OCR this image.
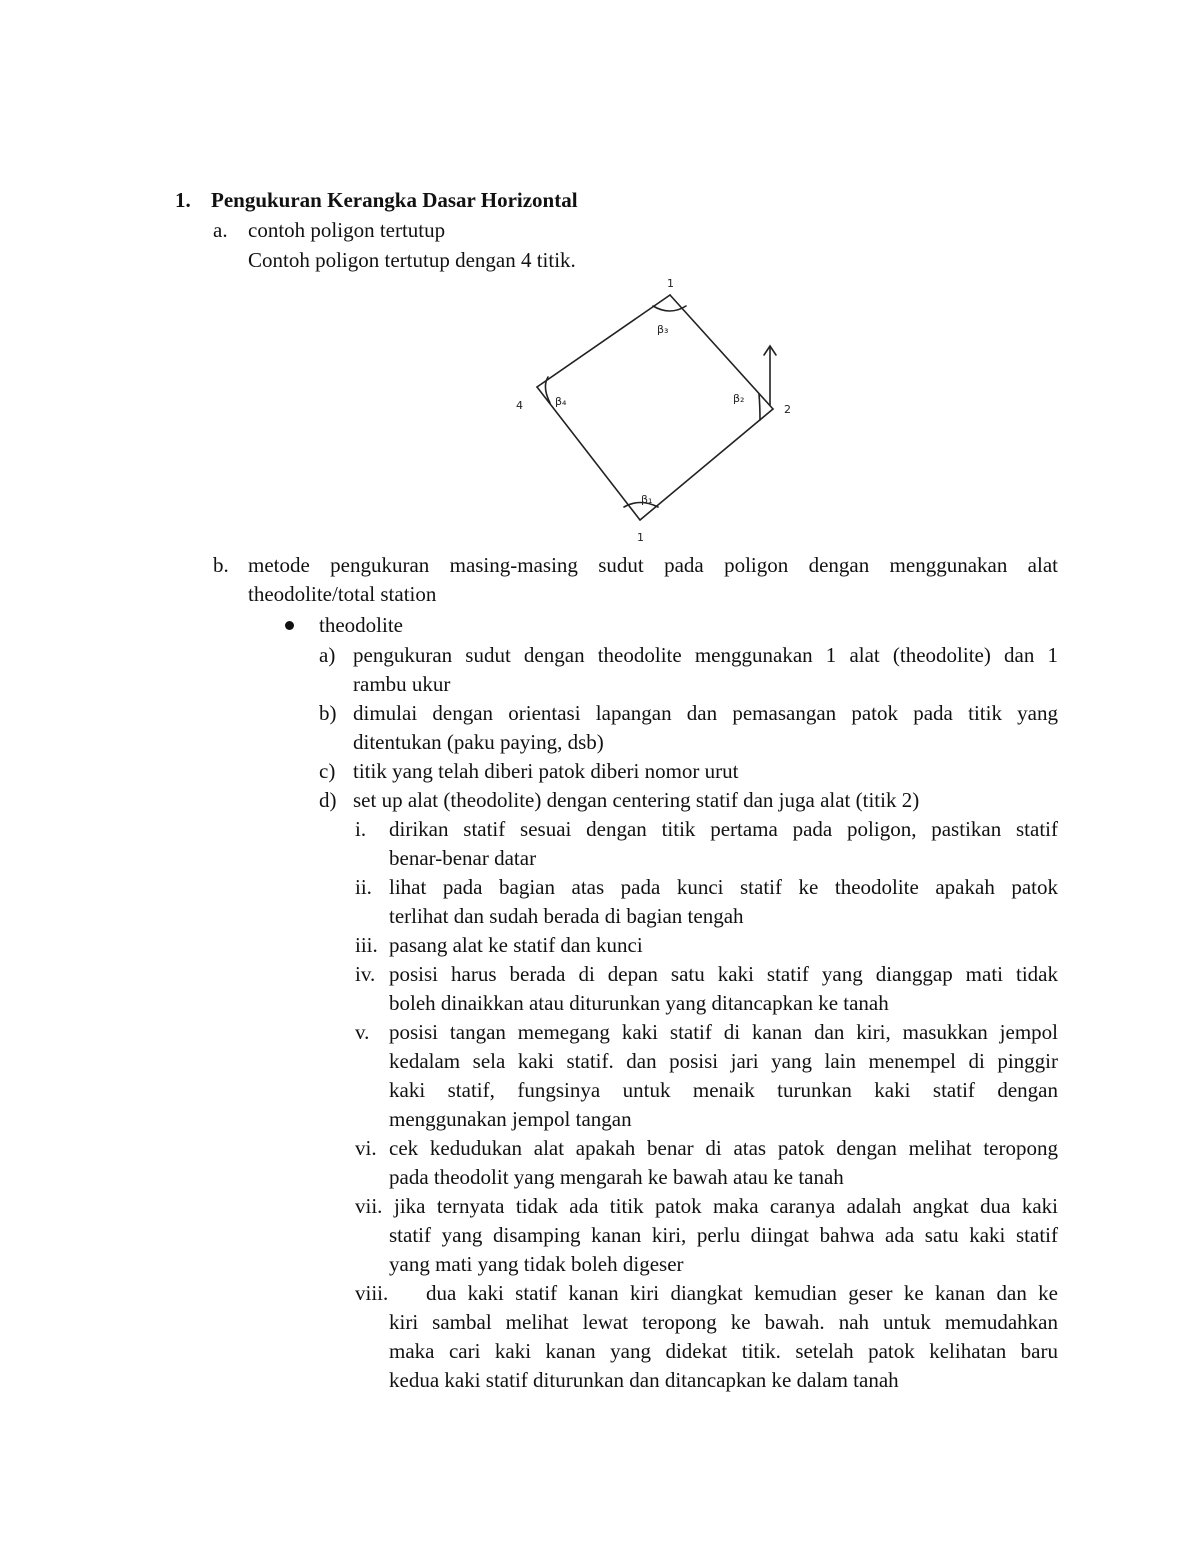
1. Pengukuran Kerangka Dasar Horizontal
a. contoh poligon tertutup
Contoh poligon tertutup dengan 4 titik.
1
2
4
1
β₁
β₂
β₃
β₄
b. metode pengukuran masing-masing sudut pada poligon dengan menggunakan alat
theodolite/total station
theodolite
a) pengukuran sudut dengan theodolite menggunakan 1 alat (theodolite) dan 1
rambu ukur
b) dimulai dengan orientasi lapangan dan pemasangan patok pada titik yang
ditentukan (paku paying, dsb)
c) titik yang telah diberi patok diberi nomor urut
d) set up alat (theodolite) dengan centering statif dan juga alat (titik 2)
i. dirikan statif sesuai dengan titik pertama pada poligon, pastikan statif
benar-benar datar
ii. lihat pada bagian atas pada kunci statif ke theodolite apakah patok
terlihat dan sudah berada di bagian tengah
iii. pasang alat ke statif dan kunci
iv. posisi harus berada di depan satu kaki statif yang dianggap mati tidak
boleh dinaikkan atau diturunkan yang ditancapkan ke tanah
v. posisi tangan memegang kaki statif di kanan dan kiri, masukkan jempol
kedalam sela kaki statif. dan posisi jari yang lain menempel di pinggir
kaki statif, fungsinya untuk menaik turunkan kaki statif dengan
menggunakan jempol tangan
vi. cek kedudukan alat apakah benar di atas patok dengan melihat teropong
pada theodolit yang mengarah ke bawah atau ke tanah
vii. jika ternyata tidak ada titik patok maka caranya adalah angkat dua kaki
statif yang disamping kanan kiri, perlu diingat bahwa ada satu kaki statif
yang mati yang tidak boleh digeser
viii. dua kaki statif kanan kiri diangkat kemudian geser ke kanan dan ke
kiri sambal melihat lewat teropong ke bawah. nah untuk memudahkan
maka cari kaki kanan yang didekat titik. setelah patok kelihatan baru
kedua kaki statif diturunkan dan ditancapkan ke dalam tanah
